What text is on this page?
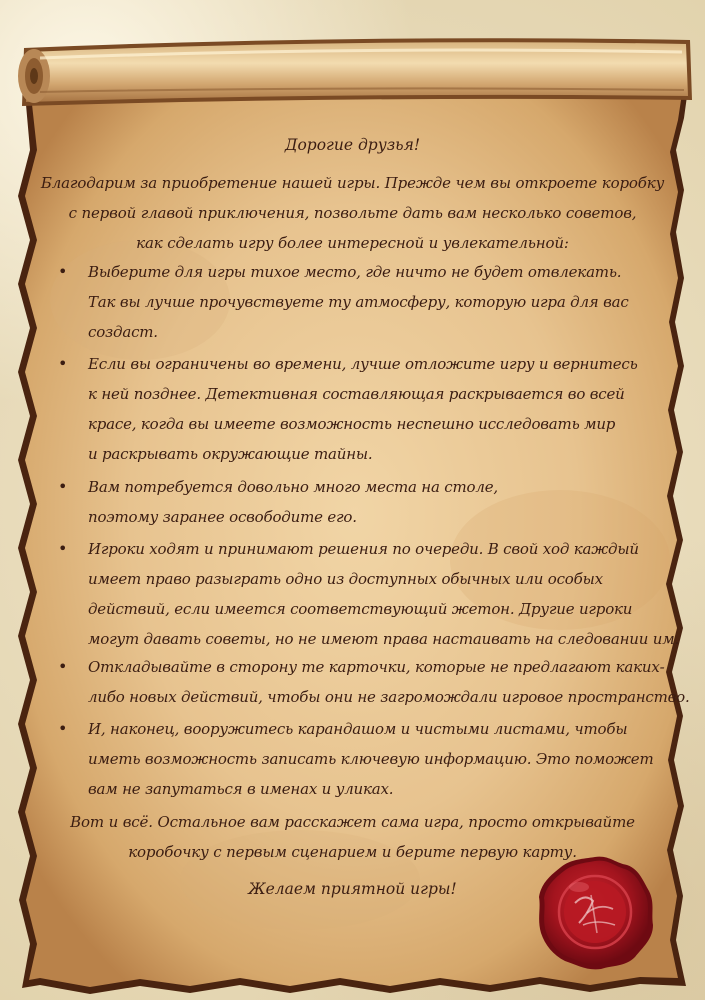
Дорогие друзья!
Благодарим за приобретение нашей игры. Прежде чем вы откроете коробку
с первой главой приключения, позвольте дать вам несколько советов,
как сделать игру более интересной и увлекательной:
• Выберите для игры тихое место, где ничто не будет отвлекать.
Так вы лучше прочувствуете ту атмосферу, которую игра для вас
создаст.
• Если вы ограничены во времени, лучше отложите игру и вернитесь
к ней позднее. Детективная составляющая раскрывается во всей
красе, когда вы имеете возможность неспешно исследовать мир
и раскрывать окружающие тайны.
• Вам потребуется довольно много места на столе,
поэтому заранее освободите его.
• Игроки ходят и принимают решения по очереди. В свой ход каждый
имеет право разыграть одно из доступных обычных или особых
действий, если имеется соответствующий жетон. Другие игроки
могут давать советы, но не имеют права настаивать на следовании им.
• Откладывайте в сторону те карточки, которые не предлагают каких-
либо новых действий, чтобы они не загромождали игровое пространство.
• И, наконец, вооружитесь карандашом и чистыми листами, чтобы
иметь возможность записать ключевую информацию. Это поможет
вам не запутаться в именах и уликах.
Вот и всё. Остальное вам расскажет сама игра, просто открывайте
коробочку с первым сценарием и берите первую карту.
Желаем приятной игры!
